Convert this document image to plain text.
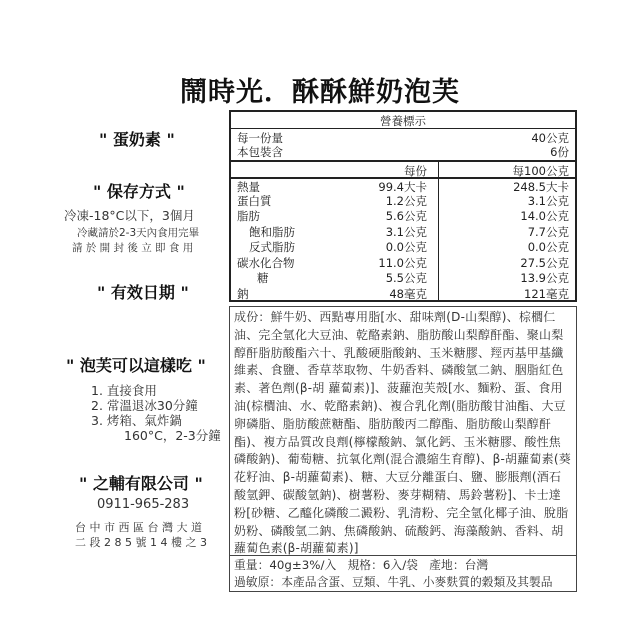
鬧時光．酥酥鮮奶泡芙
" 蛋奶素 "
" 保存方式 "
冷凍-18°C以下，3個月
冷藏請於2-3天內食用完畢
請 於 開 封 後 立 即 食 用
" 有效日期 "
" 泡芙可以這樣吃 "
1. 直接食用
2. 常溫退冰30分鐘
3. 烤箱、氣炸鍋
160°C，2-3分鐘
" 之輔有限公司 "
0911-965-283
台 中 市 西 區 台 灣 大 道
二 段 2 8 5 號 1 4 樓 之 3
營養標示
每一份量	40公克
本包裝含	6份
每份	每100公克
熱量	99.4大卡	248.5大卡
蛋白質	1.2公克	3.1公克
脂肪	5.6公克	14.0公克
飽和脂肪	3.1公克	7.7公克
反式脂肪	0.0公克	0.0公克
碳水化合物	11.0公克	27.5公克
糖	5.5公克	13.9公克
鈉	48毫克	121毫克
成份：鮮牛奶、西點專用脂[水、甜味劑(D-山梨醇)、棕櫚仁油、完全氫化大豆油、乾酪素鈉、脂肪酸山梨醇酐酯、聚山梨醇酐脂肪酸酯六十、乳酸硬脂酸鈉、玉米糖膠、羥丙基甲基纖維素、食鹽、香草萃取物、牛奶香料、磷酸氫二鈉、胭脂紅色素、著色劑(β-胡 蘿蔔素)]、菠蘿泡芙殼[水、麵粉、蛋、食用油(棕櫚油、水、乾酪素鈉)、複合乳化劑(脂肪酸甘油酯、大豆卵磷脂、脂肪酸蔗糖酯、脂肪酸丙二醇酯、脂肪酸山梨醇酐酯)、複方品質改良劑(檸檬酸鈉、氯化鈣、玉米糖膠、酸性焦磷酸鈉)、葡萄糖、抗氧化劑(混合濃縮生育醇)、β-胡蘿蔔素(葵花籽油、β-胡蘿蔔素)、糖、大豆分離蛋白、鹽、膨脹劑(酒石酸氫鉀、碳酸氫鈉)、樹薯粉、麥芽糊精、馬鈴薯粉]、卡士達粉[砂糖、乙醯化磷酸二澱粉、乳清粉、完全氫化椰子油、脫脂奶粉、磷酸氫二鈉、焦磷酸鈉、硫酸鈣、海藻酸鈉、香料、胡蘿蔔色素(β-胡蘿蔔素)]
重量：40g±3%/入   規格：6入/袋   產地：台灣
過敏原：本產品含蛋、豆類、牛乳、小麥麩質的穀類及其製品
